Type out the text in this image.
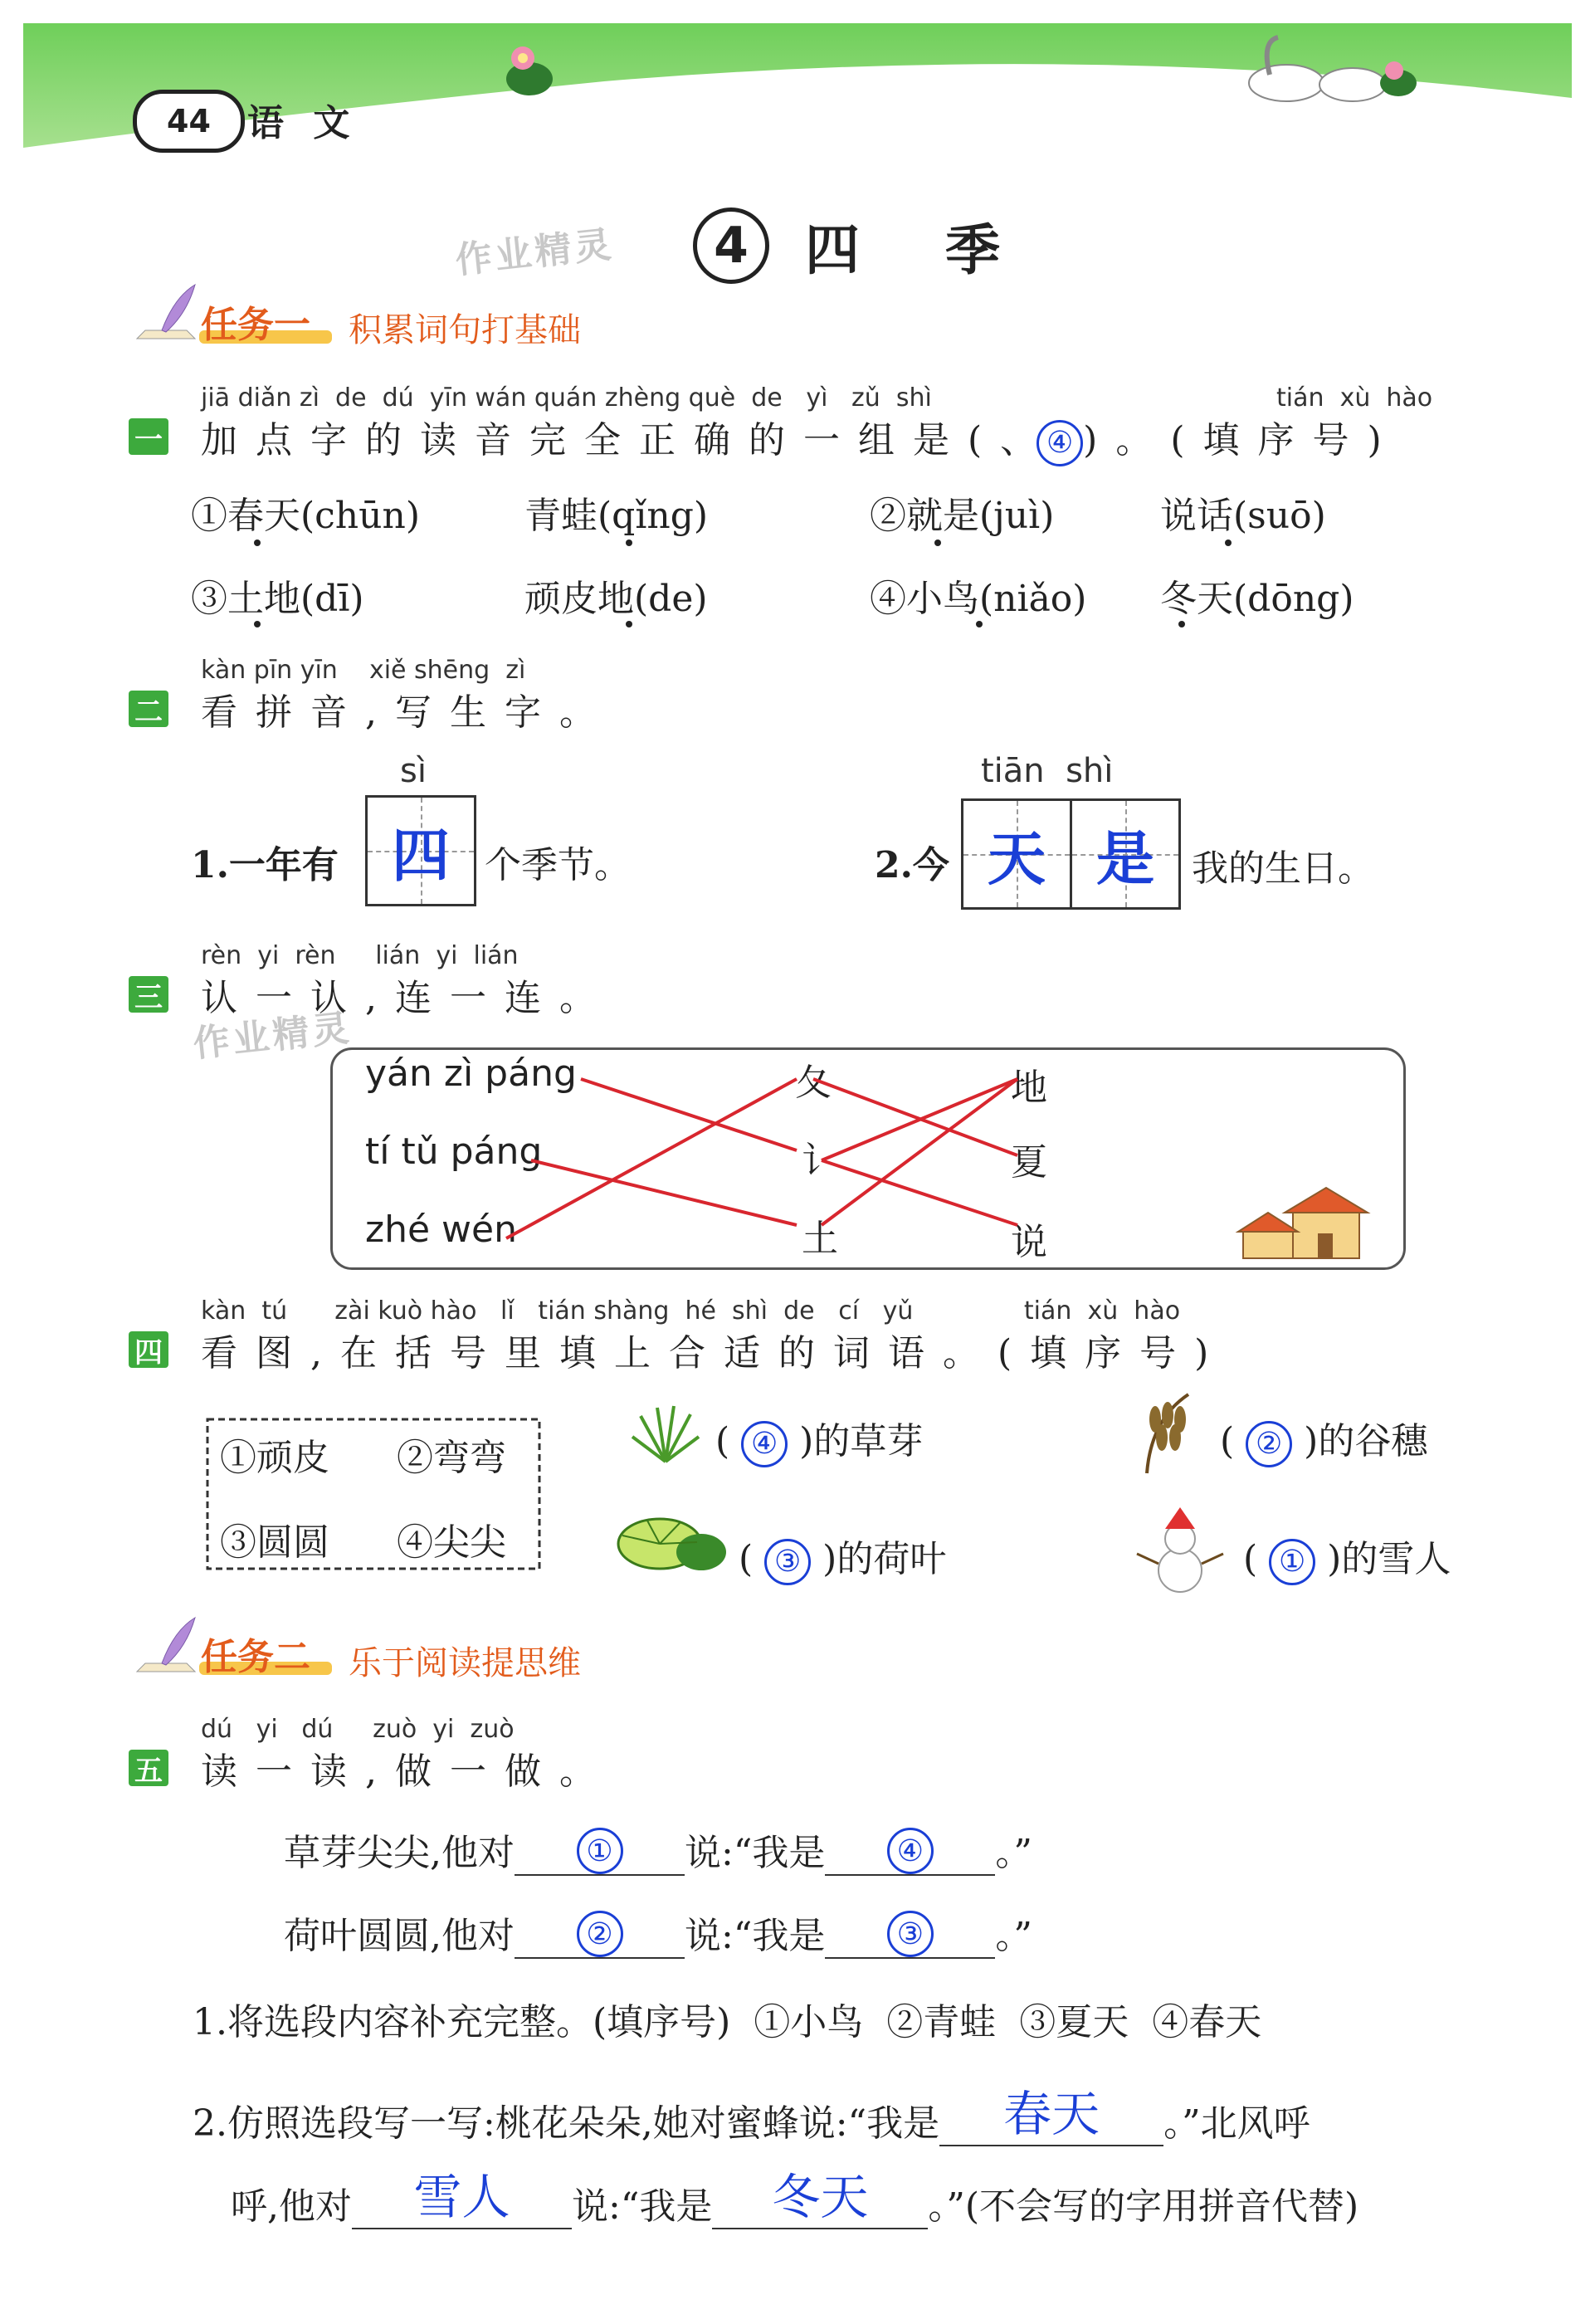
44	语 文
作业精灵	4	四 季
任务一 积累词句打基础
jiā diǎn zì  de  dú  yīn wán quán zhèng què  de   yì   zǔ  shì	tián  xù  hào
一 加点字的读音完全正确的一组是(、 ④ )。(填序号)
①春天(chūn)	青蛙(qǐng)	②就是(juì)	说话(suō)
③土地(dī)	顽皮地(de)	④小鸟(niǎo) 冬天(dōng)
kàn pīn yīn    xiě shēng  zì
二 看拼音,写生字。
sì
1.一年有 四 个季节。
tiān  shì
2.今 天 是	我的生日。
rèn  yi  rèn     lián  yi  lián
三 认一认,连一连。
作业精灵
yán zì páng
tí tǔ páng
zhé wén
夂
讠
土
地
夏
说
kàn  tú      zài kuò hào   lǐ   tián shàng  hé  shì  de   cí   yǔ              tián  xù  hào
四 看图,在括号里填上合适的词语。(填序号)
①顽皮 ②弯弯
③圆圆 ④尖尖
( ④ )的草芽	( ② )的谷穗
( ③ )的荷叶	( ① )的雪人
任务二 乐于阅读提思维
dú   yi   dú     zuò  yi  zuò
五 读一读,做一做。
草芽尖尖,他对 ① 说:“我是 ④ 。”
荷叶圆圆,他对 ② 说:“我是 ③ 。”
1.将选段内容补充完整。(填序号)  ①小鸟  ②青蛙  ③夏天  ④春天
2.仿照选段写一写:桃花朵朵,她对蜜蜂说:“我是 春天 。”北风呼
呼,他对 雪人 说:“我是 冬天 。”(不会写的字用拼音代替)
